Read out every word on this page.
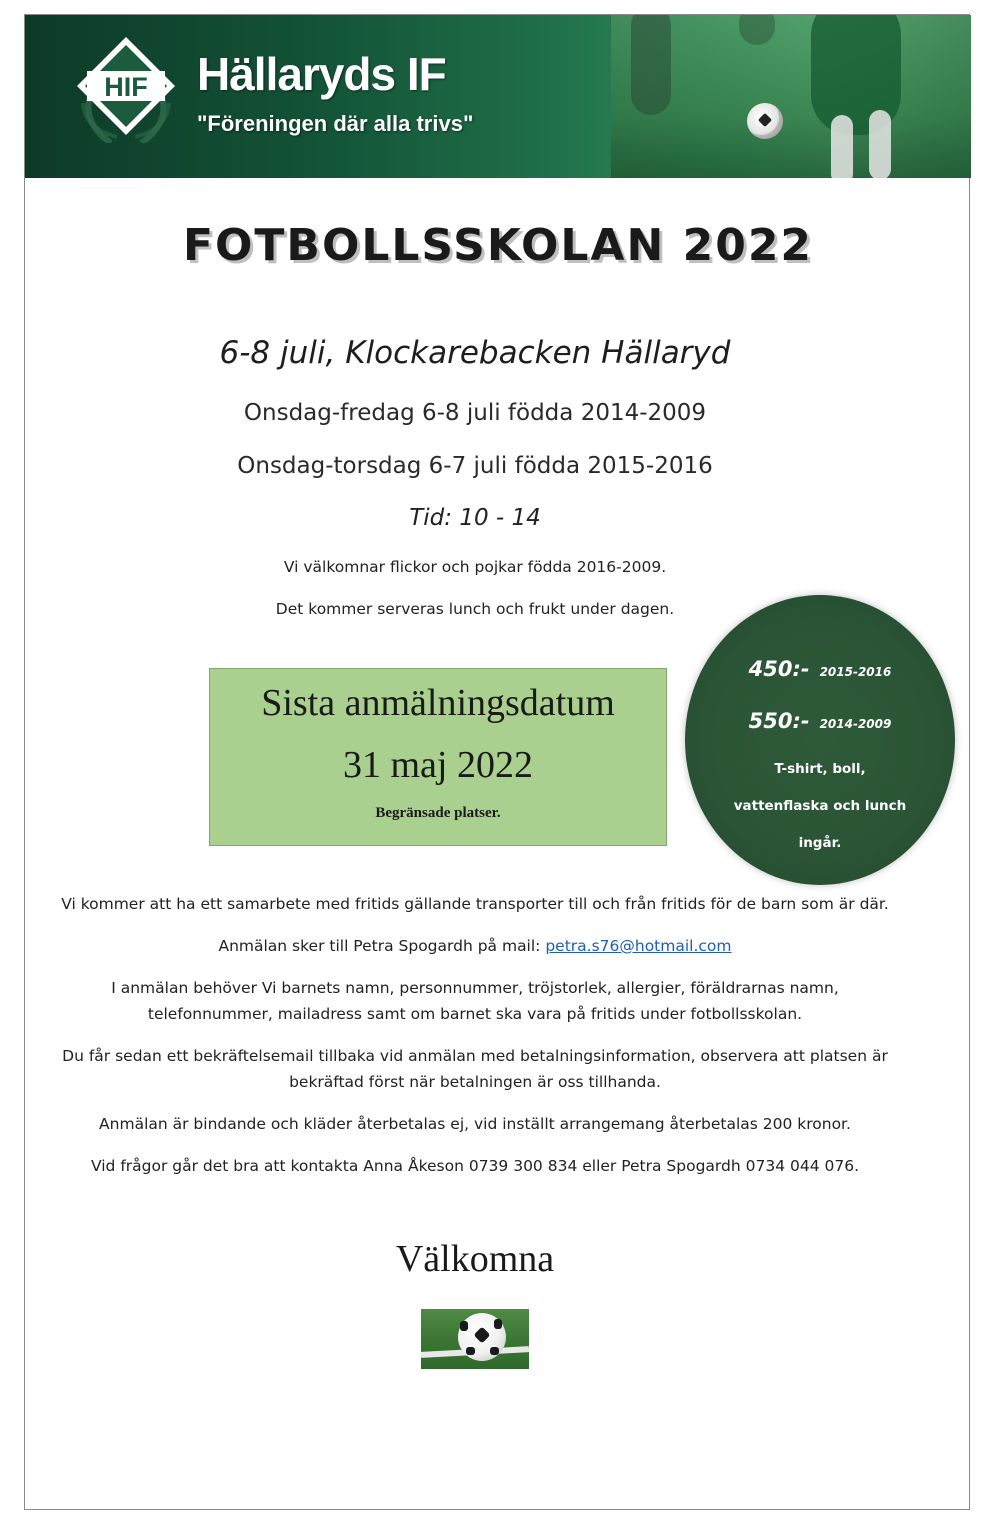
HIF Hällaryds IF

"Föreningen där alla trivs"

FOTBOLLSSKOLAN 2022

6-8 juli, Klockarebacken Hällaryd

Onsdag-fredag 6-8 juli födda 2014-2009

Onsdag-torsdag 6-7 juli födda 2015-2016

Tid: 10 - 14

Vi välkomnar flickor och pojkar födda 2016-2009.

Det kommer serveras lunch och frukt under dagen.

Sista anmälningsdatum

31 maj 2022

Begränsade platser.

450:- 2015-2016
550:- 2014-2009
T-shirt, boll,
vattenflaska och lunch
ingår.

Vi kommer att ha ett samarbete med fritids gällande transporter till och från fritids för de barn som är där.

Anmälan sker till Petra Spogardh på mail: petra.s76@hotmail.com

I anmälan behöver Vi barnets namn, personnummer, tröjstorlek, allergier, föräldrarnas namn,
telefonnummer, mailadress samt om barnet ska vara på fritids under fotbollsskolan.
Du får sedan ett bekräftelsemail tillbaka vid anmälan med betalningsinformation, observera att platsen är
bekräftad först när betalningen är oss tillhanda.

Anmälan är bindande och kläder återbetalas ej, vid inställt arrangemang återbetalas 200 kronor.

Vid frågor går det bra att kontakta Anna Åkeson 0739 300 834 eller Petra Spogardh 0734 044 076.

Välkomna
